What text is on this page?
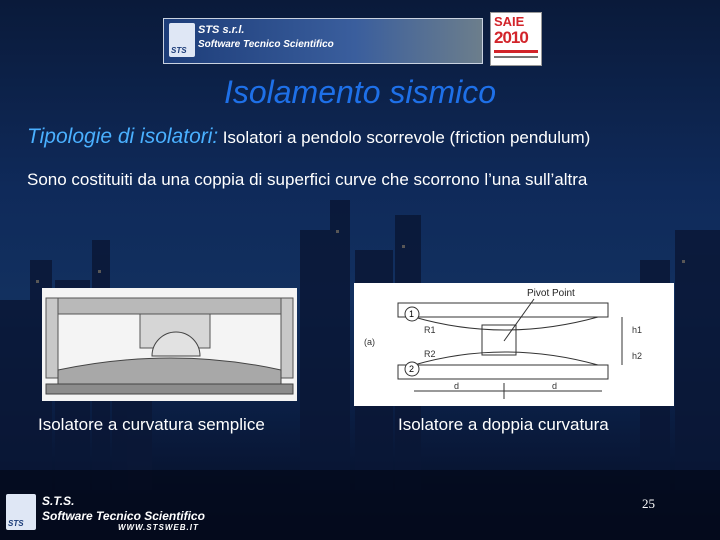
STS
STS s.r.l.
Software Tecnico Scientifico
SAIE
2010
Isolamento sismico
Tipologie di isolatori: Isolatori a pendolo scorrevole (friction pendulum)
Sono costituiti da una coppia di superfici curve che scorrono l’una sull’altra
Pivot Point
(a)
1
2
R1
R2
h1
h2
d	d
Isolatore a curvatura semplice	Isolatore a doppia curvatura
STS
S.T.S.
Software Tecnico Scientifico
WWW.STSWEB.IT
25
